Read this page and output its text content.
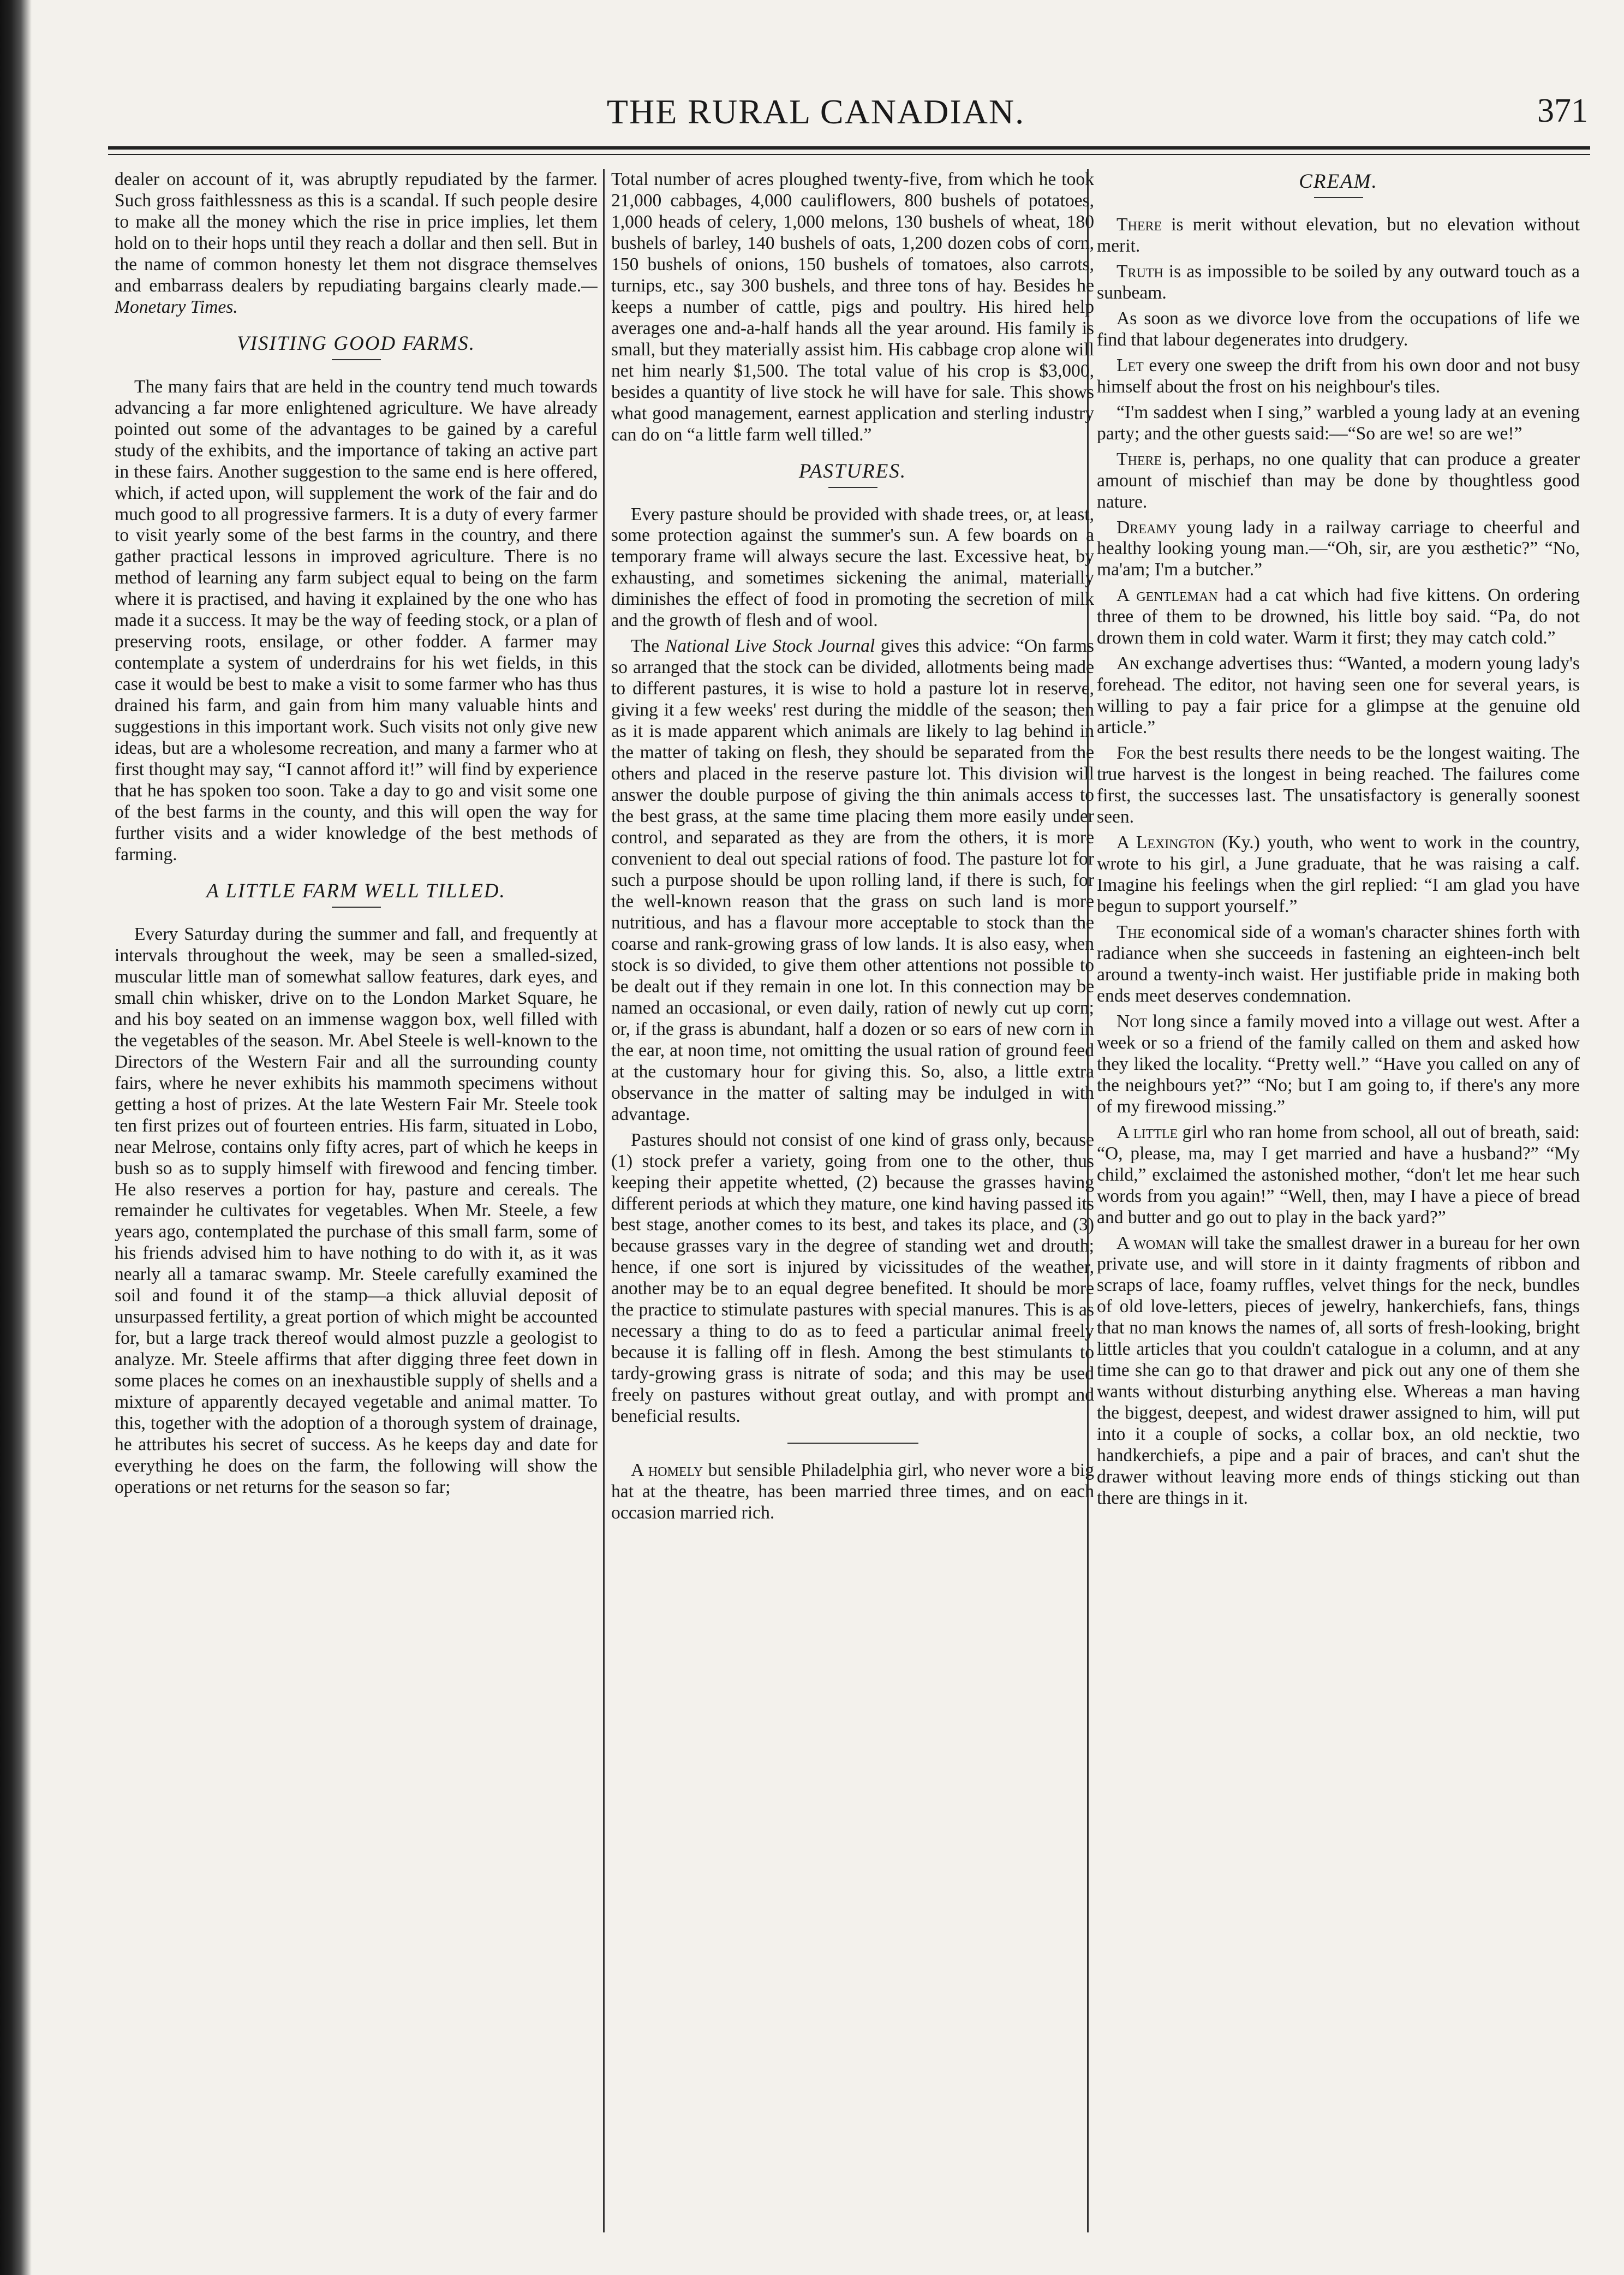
THE RURAL CANADIAN.	371

dealer on account of it, was abruptly repudiated by the farmer. Such gross faithlessness as this is a scandal. If such people desire to make all the money which the rise in price implies, let them hold on to their hops until they reach a dollar and then sell. But in the name of common honesty let them not disgrace themselves and embarrass dealers by repudiating bargains clearly made.—Monetary Times.

VISITING GOOD FARMS.

The many fairs that are held in the country tend much towards advancing a far more enlightened agriculture. We have already pointed out some of the advantages to be gained by a careful study of the exhibits, and the importance of taking an active part in these fairs. Another suggestion to the same end is here offered, which, if acted upon, will supplement the work of the fair and do much good to all progressive farmers. It is a duty of every farmer to visit yearly some of the best farms in the country, and there gather practical lessons in improved agriculture. There is no method of learning any farm subject equal to being on the farm where it is practised, and having it explained by the one who has made it a success. It may be the way of feeding stock, or a plan of preserving roots, ensilage, or other fodder. A farmer may contemplate a system of underdrains for his wet fields, in this case it would be best to make a visit to some farmer who has thus drained his farm, and gain from him many valuable hints and suggestions in this important work. Such visits not only give new ideas, but are a wholesome recreation, and many a farmer who at first thought may say, “I cannot afford it!” will find by experience that he has spoken too soon. Take a day to go and visit some one of the best farms in the county, and this will open the way for further visits and a wider knowledge of the best methods of farming.

A LITTLE FARM WELL TILLED.

Every Saturday during the summer and fall, and frequently at intervals throughout the week, may be seen a smalled-sized, muscular little man of somewhat sallow features, dark eyes, and small chin whisker, drive on to the London Market Square, he and his boy seated on an immense waggon box, well filled with the vegetables of the season. Mr. Abel Steele is well-known to the Directors of the Western Fair and all the surrounding county fairs, where he never exhibits his mammoth specimens without getting a host of prizes. At the late Western Fair Mr. Steele took ten first prizes out of fourteen entries. His farm, situated in Lobo, near Melrose, contains only fifty acres, part of which he keeps in bush so as to supply himself with firewood and fencing timber. He also reserves a portion for hay, pasture and cereals. The remainder he cultivates for vegetables. When Mr. Steele, a few years ago, contemplated the purchase of this small farm, some of his friends advised him to have nothing to do with it, as it was nearly all a tamarac swamp. Mr. Steele carefully examined the soil and found it of the stamp—a thick alluvial deposit of unsurpassed fertility, a great portion of which might be accounted for, but a large track thereof would almost puzzle a geologist to analyze. Mr. Steele affirms that after digging three feet down in some places he comes on an inexhaustible supply of shells and a mixture of apparently decayed vegetable and animal matter. To this, together with the adoption of a thorough system of drainage, he attributes his secret of success. As he keeps day and date for everything he does on the farm, the following will show the operations or net returns for the season so far;

Total number of acres ploughed twenty-five, from which he took 21,000 cabbages, 4,000 cauliflowers, 800 bushels of potatoes, 1,000 heads of celery, 1,000 melons, 130 bushels of wheat, 180 bushels of barley, 140 bushels of oats, 1,200 dozen cobs of corn, 150 bushels of onions, 150 bushels of tomatoes, also carrots, turnips, etc., say 300 bushels, and three tons of hay. Besides he keeps a number of cattle, pigs and poultry. His hired help averages one and-a-half hands all the year around. His family is small, but they materially assist him. His cabbage crop alone will net him nearly $1,500. The total value of his crop is $3,000, besides a quantity of live stock he will have for sale. This shows what good management, earnest application and sterling industry can do on “a little farm well tilled.”

PASTURES.

Every pasture should be provided with shade trees, or, at least, some protection against the summer's sun. A few boards on a temporary frame will always secure the last. Excessive heat, by exhausting, and sometimes sickening the animal, materially diminishes the effect of food in promoting the secretion of milk and the growth of flesh and of wool.

The National Live Stock Journal gives this advice: “On farms so arranged that the stock can be divided, allotments being made to different pastures, it is wise to hold a pasture lot in reserve, giving it a few weeks' rest during the middle of the season; then as it is made apparent which animals are likely to lag behind in the matter of taking on flesh, they should be separated from the others and placed in the reserve pasture lot. This division will answer the double purpose of giving the thin animals access to the best grass, at the same time placing them more easily under control, and separated as they are from the others, it is more convenient to deal out special rations of food. The pasture lot for such a purpose should be upon rolling land, if there is such, for the well-known reason that the grass on such land is more nutritious, and has a flavour more acceptable to stock than the coarse and rank-growing grass of low lands. It is also easy, when stock is so divided, to give them other attentions not possible to be dealt out if they remain in one lot. In this connection may be named an occasional, or even daily, ration of newly cut up corn; or, if the grass is abundant, half a dozen or so ears of new corn in the ear, at noon time, not omitting the usual ration of ground feed at the customary hour for giving this. So, also, a little extra observance in the matter of salting may be indulged in with advantage.

Pastures should not consist of one kind of grass only, because (1) stock prefer a variety, going from one to the other, thus keeping their appetite whetted, (2) because the grasses having different periods at which they mature, one kind having passed its best stage, another comes to its best, and takes its place, and (3) because grasses vary in the degree of standing wet and drouth; hence, if one sort is injured by vicissitudes of the weather, another may be to an equal degree benefited. It should be more the practice to stimulate pastures with special manures. This is as necessary a thing to do as to feed a particular animal freely because it is falling off in flesh. Among the best stimulants to tardy-growing grass is nitrate of soda; and this may be used freely on pastures without great outlay, and with prompt and beneficial results.

A homely but sensible Philadelphia girl, who never wore a big hat at the theatre, has been married three times, and on each occasion married rich.

CREAM.

There is merit without elevation, but no elevation without merit.

Truth is as impossible to be soiled by any outward touch as a sunbeam.

As soon as we divorce love from the occupations of life we find that labour degenerates into drudgery.

Let every one sweep the drift from his own door and not busy himself about the frost on his neighbour's tiles.

“I'm saddest when I sing,” warbled a young lady at an evening party; and the other guests said:—“So are we! so are we!”

There is, perhaps, no one quality that can produce a greater amount of mischief than may be done by thoughtless good nature.

Dreamy young lady in a railway carriage to cheerful and healthy looking young man.—“Oh, sir, are you æsthetic?” “No, ma'am; I'm a butcher.”

A gentleman had a cat which had five kittens. On ordering three of them to be drowned, his little boy said. “Pa, do not drown them in cold water. Warm it first; they may catch cold.”

An exchange advertises thus: “Wanted, a modern young lady's forehead. The editor, not having seen one for several years, is willing to pay a fair price for a glimpse at the genuine old article.”

For the best results there needs to be the longest waiting. The true harvest is the longest in being reached. The failures come first, the successes last. The unsatisfactory is generally soonest seen.

A Lexington (Ky.) youth, who went to work in the country, wrote to his girl, a June graduate, that he was raising a calf. Imagine his feelings when the girl replied: “I am glad you have begun to support yourself.”

The economical side of a woman's character shines forth with radiance when she succeeds in fastening an eighteen-inch belt around a twenty-inch waist. Her justifiable pride in making both ends meet deserves condemnation.

Not long since a family moved into a village out west. After a week or so a friend of the family called on them and asked how they liked the locality. “Pretty well.” “Have you called on any of the neighbours yet?” “No; but I am going to, if there's any more of my firewood missing.”

A little girl who ran home from school, all out of breath, said: “O, please, ma, may I get married and have a husband?” “My child,” exclaimed the astonished mother, “don't let me hear such words from you again!” “Well, then, may I have a piece of bread and butter and go out to play in the back yard?”

A woman will take the smallest drawer in a bureau for her own private use, and will store in it dainty fragments of ribbon and scraps of lace, foamy ruffles, velvet things for the neck, bundles of old love-letters, pieces of jewelry, hankerchiefs, fans, things that no man knows the names of, all sorts of fresh-looking, bright little articles that you couldn't catalogue in a column, and at any time she can go to that drawer and pick out any one of them she wants without disturbing anything else. Whereas a man having the biggest, deepest, and widest drawer assigned to him, will put into it a couple of socks, a collar box, an old necktie, two handkerchiefs, a pipe and a pair of braces, and can't shut the drawer without leaving more ends of things sticking out than there are things in it.
